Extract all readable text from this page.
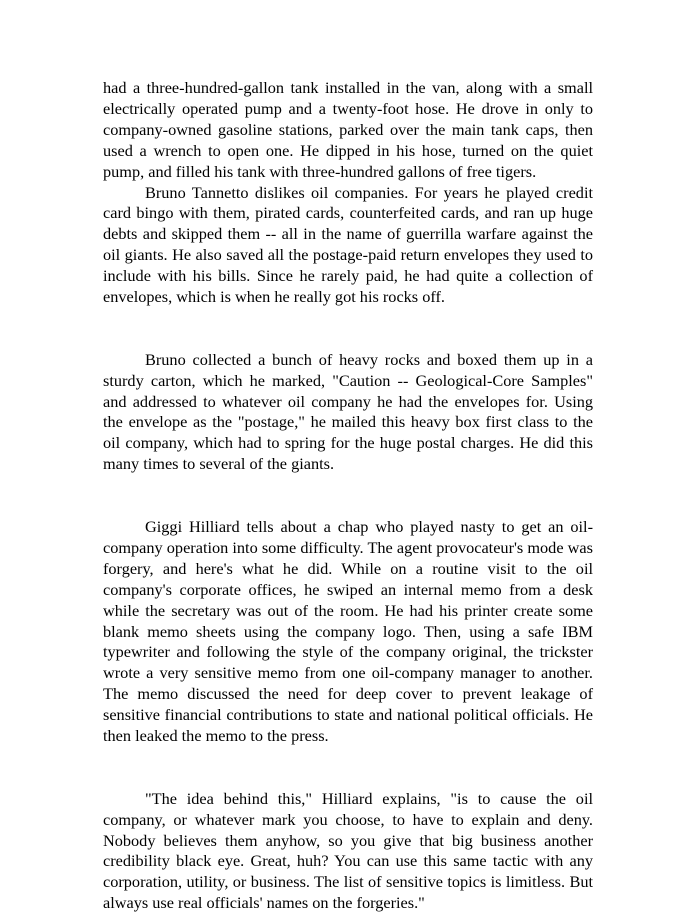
had a three-hundred-gallon tank installed in the van, along with a small electrically operated pump and a twenty-foot hose. He drove in only to company-owned gasoline stations, parked over the main tank caps, then used a wrench to open one. He dipped in his hose, turned on the quiet pump, and filled his tank with three-hundred gallons of free tigers.

Bruno Tannetto dislikes oil companies. For years he played credit card bingo with them, pirated cards, counterfeited cards, and ran up huge debts and skipped them -- all in the name of guerrilla warfare against the oil giants. He also saved all the postage-paid return envelopes they used to include with his bills. Since he rarely paid, he had quite a collection of envelopes, which is when he really got his rocks off.

Bruno collected a bunch of heavy rocks and boxed them up in a sturdy carton, which he marked, "Caution -- Geological-Core Samples" and addressed to whatever oil company he had the envelopes for. Using the envelope as the "postage," he mailed this heavy box first class to the oil company, which had to spring for the huge postal charges. He did this many times to several of the giants.

Giggi Hilliard tells about a chap who played nasty to get an oil-company operation into some difficulty. The agent provocateur's mode was forgery, and here's what he did. While on a routine visit to the oil company's corporate offices, he swiped an internal memo from a desk while the secretary was out of the room. He had his printer create some blank memo sheets using the company logo. Then, using a safe IBM typewriter and following the style of the company original, the trickster wrote a very sensitive memo from one oil-company manager to another. The memo discussed the need for deep cover to prevent leakage of sensitive financial contributions to state and national political officials. He then leaked the memo to the press.

"The idea behind this," Hilliard explains, "is to cause the oil company, or whatever mark you choose, to have to explain and deny. Nobody believes them anyhow, so you give that big business another credibility black eye. Great, huh? You can use this same tactic with any corporation, utility, or business. The list of sensitive topics is limitless. But always use real officials' names on the forgeries."
